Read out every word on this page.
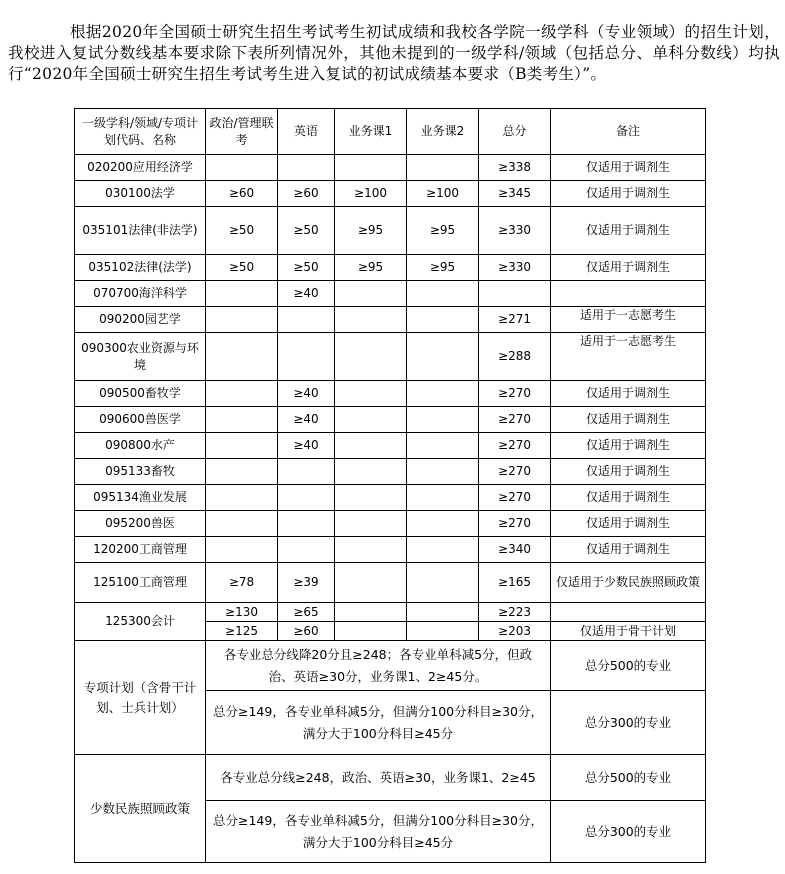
根据2020年全国硕士研究生招生考试考生初试成绩和我校各学院一级学科（专业领域）的招生计划，我校进入复试分数线基本要求除下表所列情况外，其他未提到的一级学科/领域（包括总分、单科分数线）均执行“2020年全国硕士研究生招生考试考生进入复试的初试成绩基本要求（B类考生）”。

一级学科/领域/专项计划代码、名称	政治/管理联考	英语	业务课1	业务课2	总分	备注
020200应用经济学					≥338	仅适用于调剂生
030100法学	≥60	≥60	≥100	≥100	≥345	仅适用于调剂生
035101法律(非法学)	≥50	≥50	≥95	≥95	≥330	仅适用于调剂生
035102法律(法学)	≥50	≥50	≥95	≥95	≥330	仅适用于调剂生
070700海洋科学		≥40				
090200园艺学					≥271	适用于一志愿考生
090300农业资源与环境					≥288	适用于一志愿考生
090500畜牧学		≥40			≥270	仅适用于调剂生
090600兽医学		≥40			≥270	仅适用于调剂生
090800水产		≥40			≥270	仅适用于调剂生
095133畜牧					≥270	仅适用于调剂生
095134渔业发展					≥270	仅适用于调剂生
095200兽医					≥270	仅适用于调剂生
120200工商管理					≥340	仅适用于调剂生
125100工商管理	≥78	≥39			≥165	仅适用于少数民族照顾政策
125300会计	≥130	≥65			≥223	
	≥125	≥60			≥203	仅适用于骨干计划
专项计划（含骨干计划、士兵计划）	各专业总分线降20分且≥248；各专业单科减5分，但政治、英语≥30分，业务课1、2≥45分。					总分500的专业
	总分≥149，各专业单科减5分，但满分100分科目≥30分，满分大于100分科目≥45分					总分300的专业
少数民族照顾政策	各专业总分线≥248，政治、英语≥30，业务课1、2≥45					总分500的专业
	总分≥149，各专业单科减5分，但满分100分科目≥30分，满分大于100分科目≥45分					总分300的专业
